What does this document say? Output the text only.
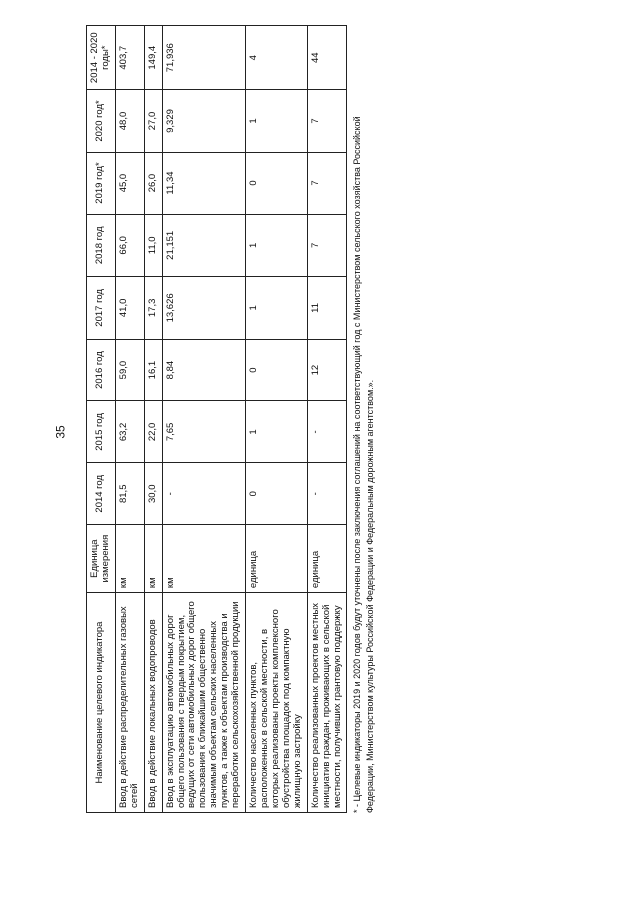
35
Наименование целевого индикатора	Единица измерения	2014 год	2015 год	2016 год	2017 год	2018 год	2019 год*	2020 год*	2014 - 2020 годы*
Ввод в действие распределительных газовых сетей	км	81,5	63,2	59,0	41,0	66,0	45,0	48,0	403,7
Ввод в действие локальных водопроводов	км	30,0	22,0	16,1	17,3	11,0	26,0	27,0	149,4
Ввод в эксплуатацию автомобильных дорог общего пользования с твердым покрытием, ведущих от сети автомобильных дорог общего пользования к ближайшим общественно значимым объектам сельских населенных пунктов, а также к объектам производства и переработки сельскохозяйственной продукции	км	-	7,65	8,84	13,626	21,151	11,34	9,329	71,936
Количество населенных пунктов, расположенных в сельской местности, в которых реализованы проекты комплексного обустройства площадок под компактную жилищную застройку	единица	0	1	0	1	1	0	1	4
Количество реализованных проектов местных инициатив граждан, проживающих в сельской местности, получивших грантовую поддержку	единица	-	-	12	11	7	7	7	44

* - Целевые индикаторы 2019 и 2020 годов будут уточнены после заключения соглашений на соответствующий год с Министерством сельского хозяйства Российской Федерации, Министерством культуры Российской Федерации и Федеральным дорожным агентством.».
